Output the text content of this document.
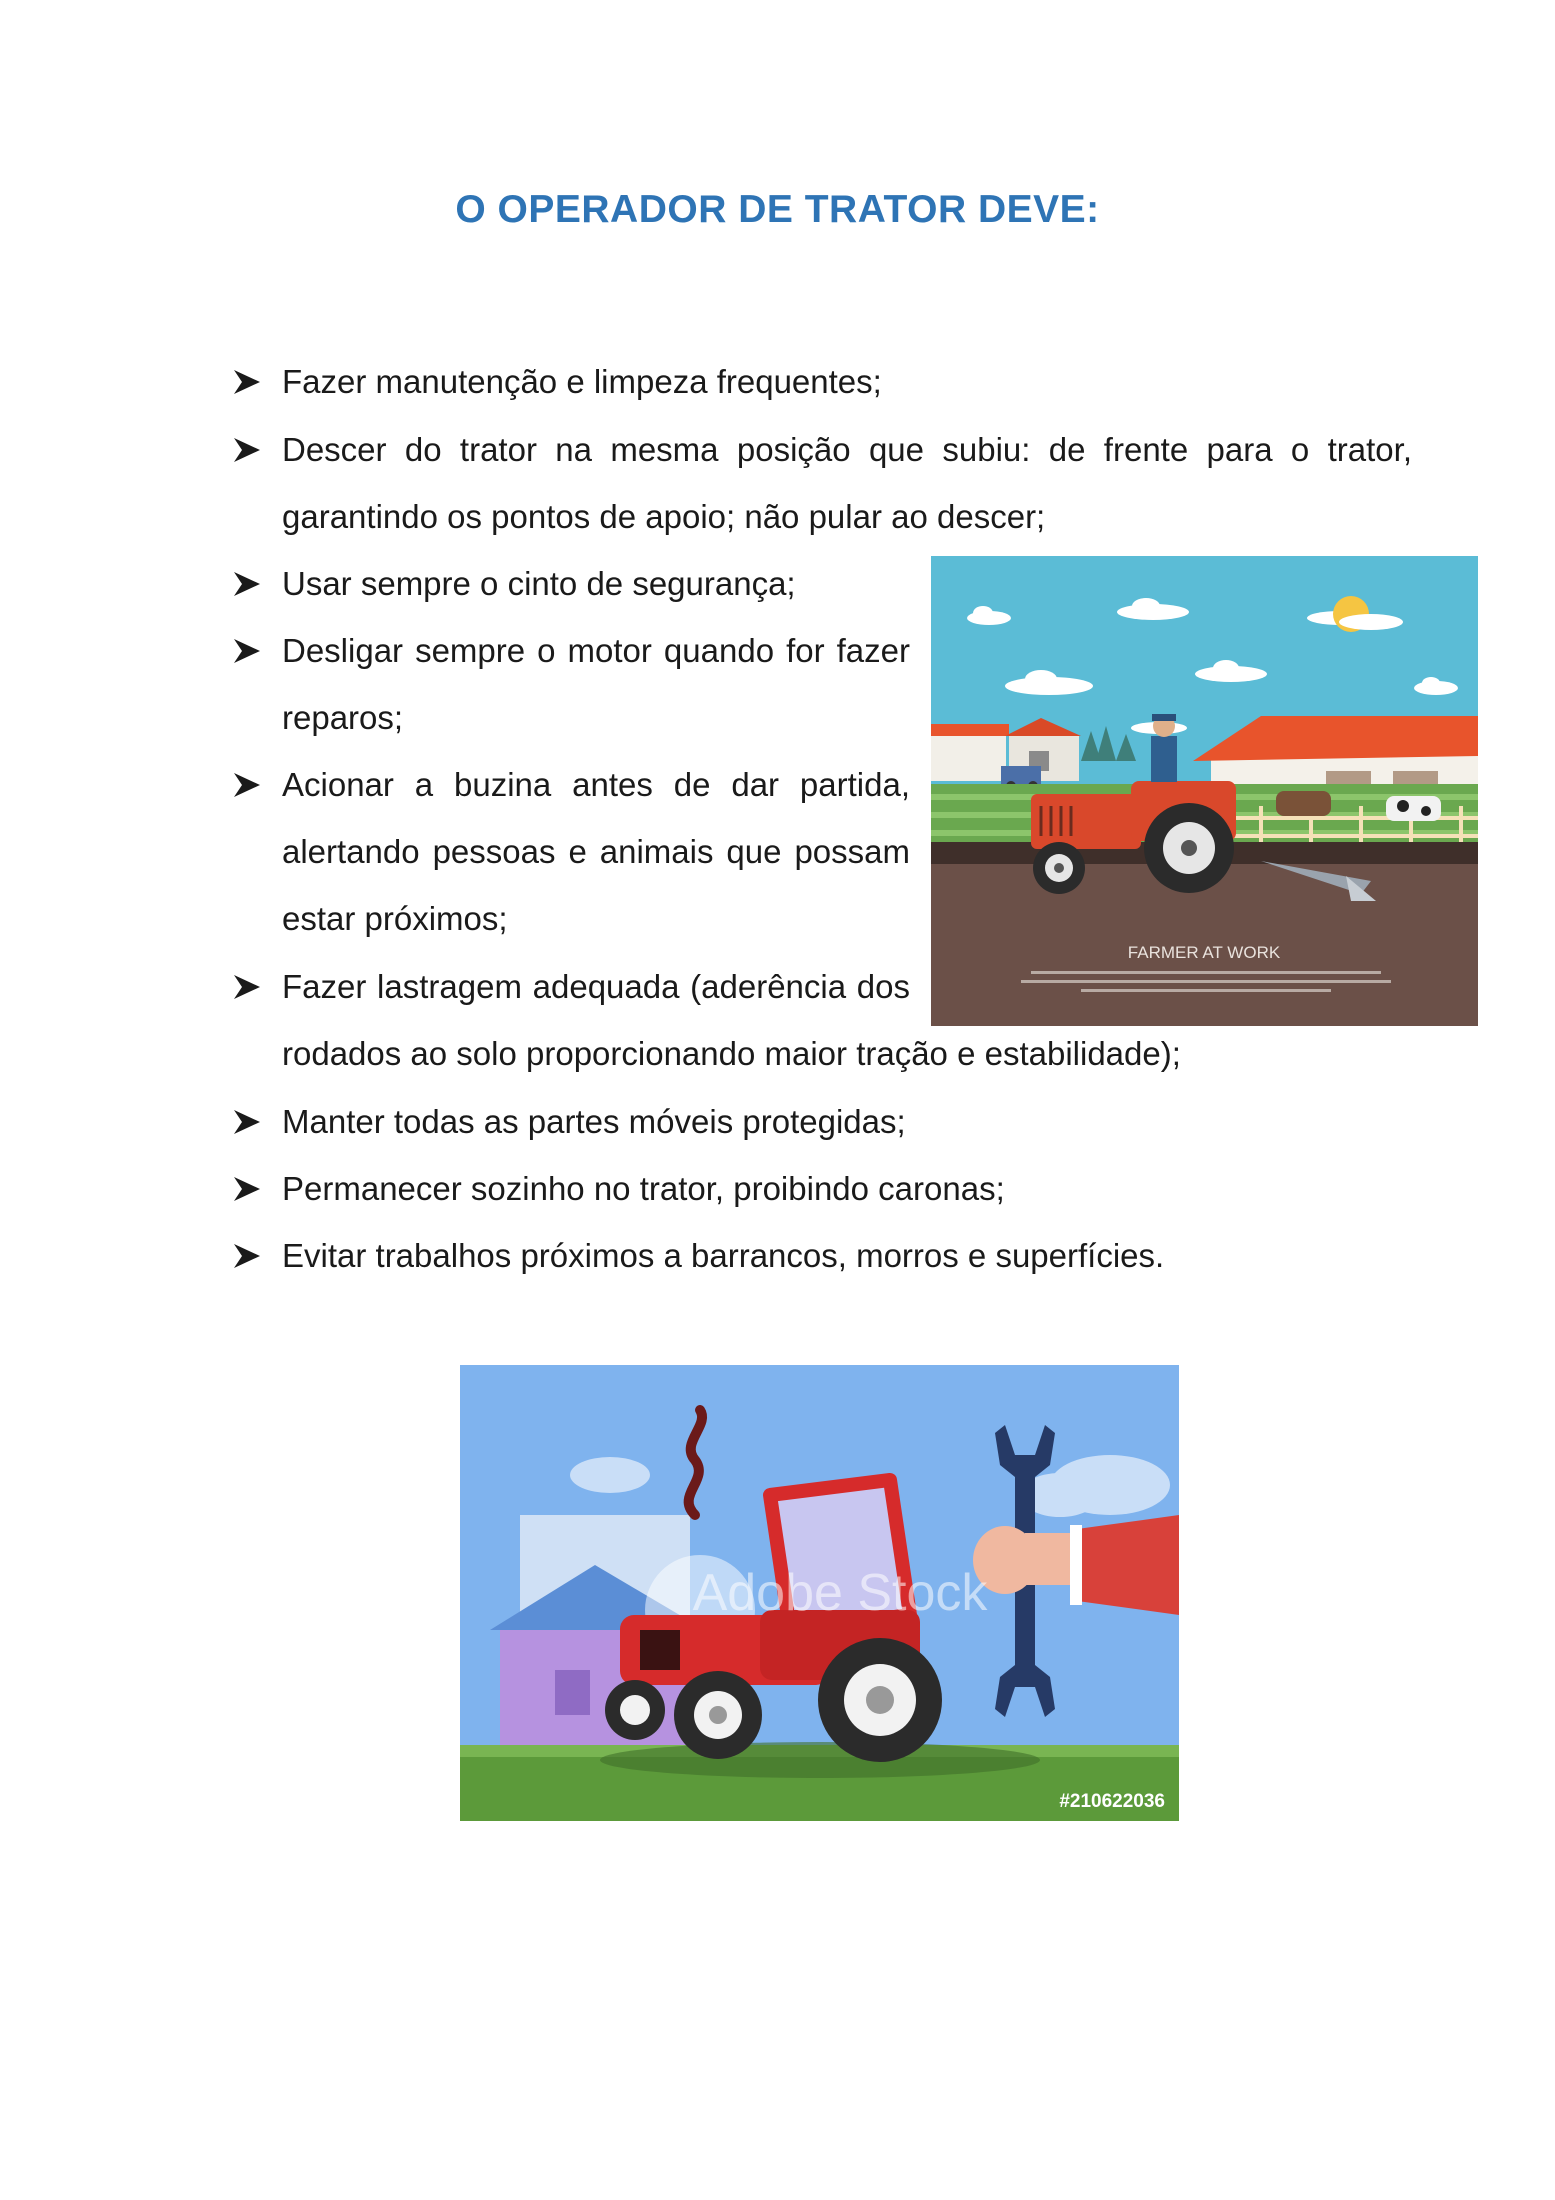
O OPERADOR DE TRATOR DEVE:
Fazer manutenção e limpeza frequentes;
Descer do trator na mesma posição que subiu: de frente para o trator,
garantindo os pontos de apoio; não pular ao descer;
Usar sempre o cinto de segurança;
Desligar sempre o motor quando for fazer
reparos;
Acionar a buzina antes de dar partida,
alertando pessoas e animais que possam
estar próximos;
Fazer lastragem adequada (aderência dos
rodados ao solo proporcionando maior tração e estabilidade);
Manter todas as partes móveis protegidas;
Permanecer sozinho no trator, proibindo caronas;
Evitar trabalhos próximos a barrancos, morros e superfícies.
FARMER AT WORK
Adobe Stock
#210622036
